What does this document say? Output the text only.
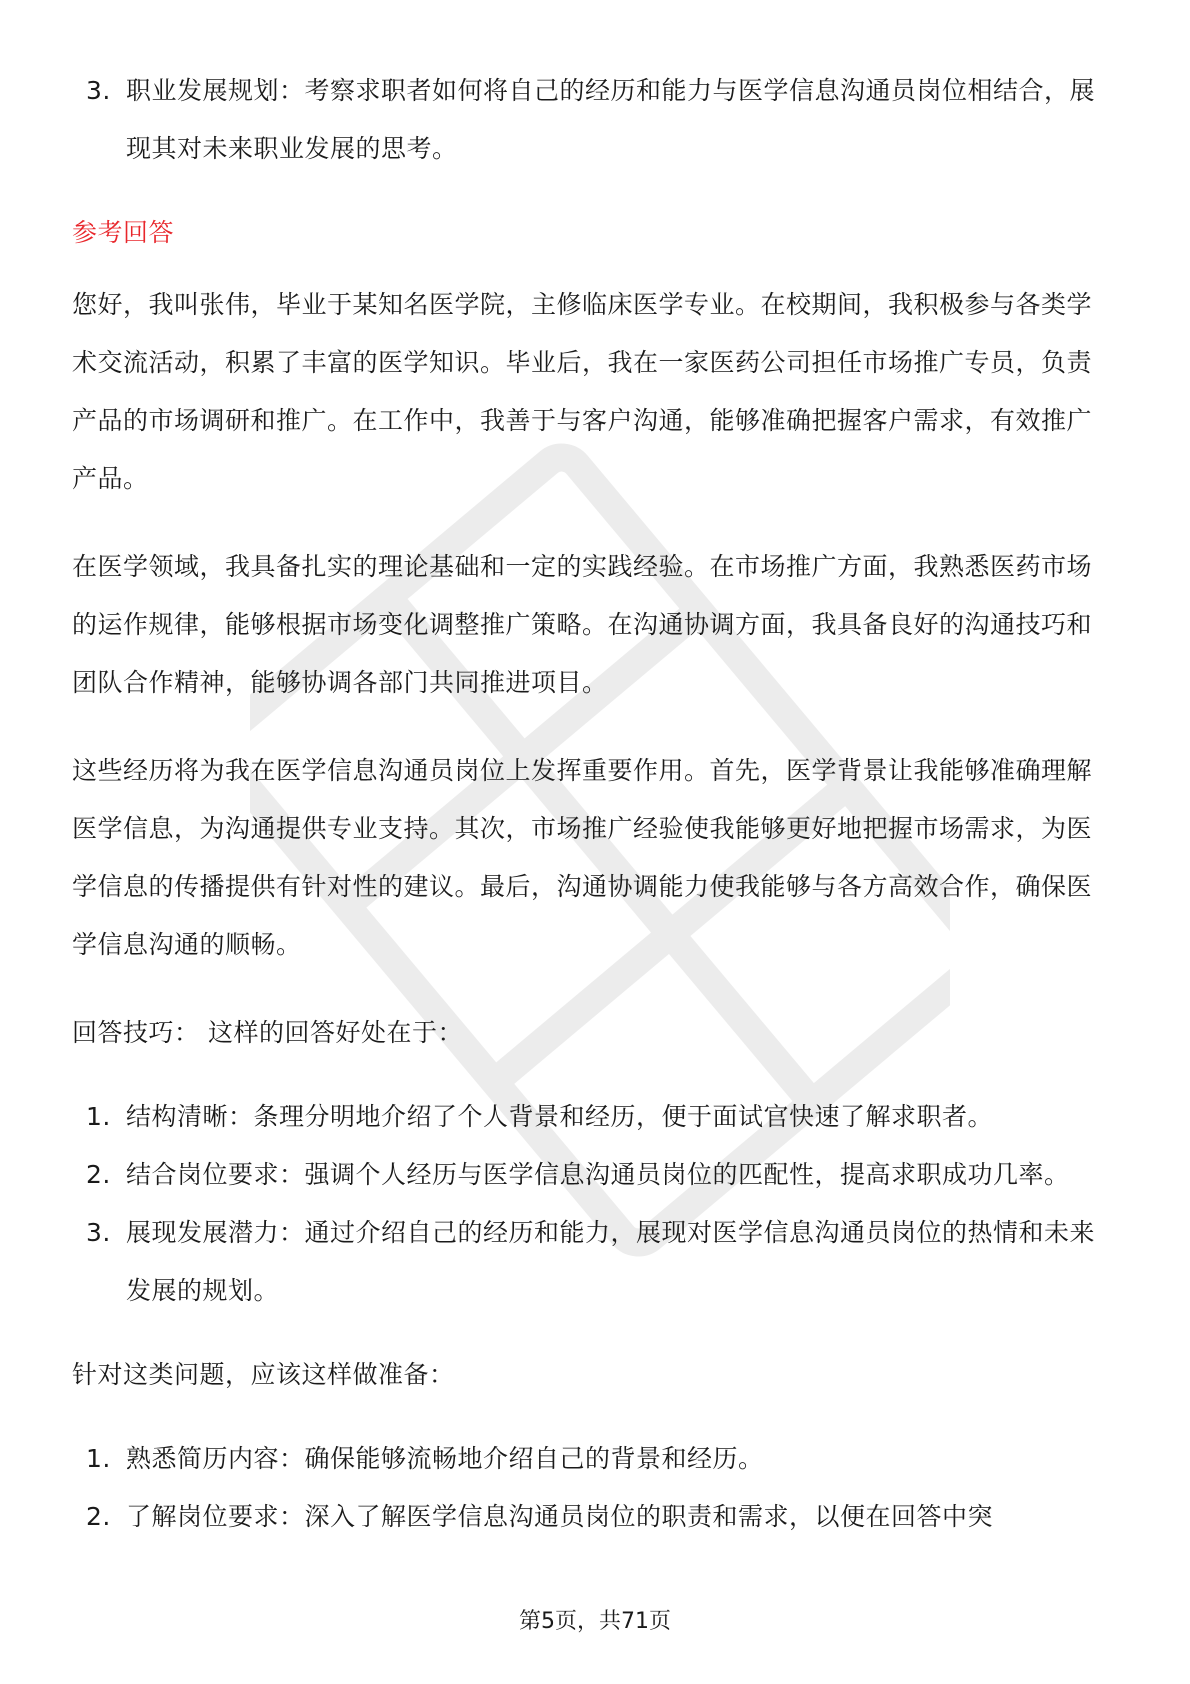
3. 职业发展规划：考察求职者如何将自己的经历和能力与医学信息沟通员岗位相结合，展现其对未来职业发展的思考。
参考回答

您好，我叫张伟，毕业于某知名医学院，主修临床医学专业。在校期间，我积极参与各类学术交流活动，积累了丰富的医学知识。毕业后，我在一家医药公司担任市场推广专员，负责产品的市场调研和推广。在工作中，我善于与客户沟通，能够准确把握客户需求，有效推广产品。

在医学领域，我具备扎实的理论基础和一定的实践经验。在市场推广方面，我熟悉医药市场的运作规律，能够根据市场变化调整推广策略。在沟通协调方面，我具备良好的沟通技巧和团队合作精神，能够协调各部门共同推进项目。

这些经历将为我在医学信息沟通员岗位上发挥重要作用。首先，医学背景让我能够准确理解医学信息，为沟通提供专业支持。其次，市场推广经验使我能够更好地把握市场需求，为医学信息的传播提供有针对性的建议。最后，沟通协调能力使我能够与各方高效合作，确保医学信息沟通的顺畅。

回答技巧： 这样的回答好处在于：
1. 结构清晰：条理分明地介绍了个人背景和经历，便于面试官快速了解求职者。
2. 结合岗位要求：强调个人经历与医学信息沟通员岗位的匹配性，提高求职成功几率。
3. 展现发展潜力：通过介绍自己的经历和能力，展现对医学信息沟通员岗位的热情和未来发展的规划。
针对这类问题，应该这样做准备：
1. 熟悉简历内容：确保能够流畅地介绍自己的背景和经历。
2. 了解岗位要求：深入了解医学信息沟通员岗位的职责和需求，以便在回答中突
第5页，共71页
